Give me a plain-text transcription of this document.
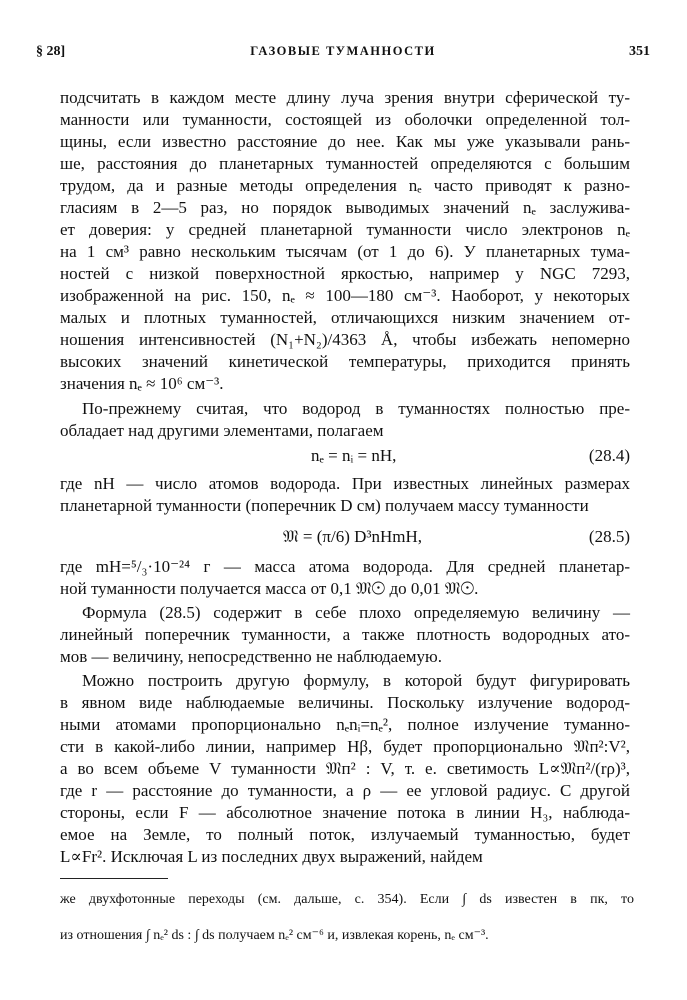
§ 28]	ГАЗОВЫЕ ТУМАННОСТИ	351
подсчитать в каждом месте длину луча зрения внутри сферической ту-
манности или туманности, состоящей из оболочки определенной тол-
щины, если известно расстояние до нее. Как мы уже указывали рань-
ше, расстояния до планетарных туманностей определяются с большим
трудом, да и разные методы определения nₑ часто приводят к разно-
гласиям в 2—5 раз, но порядок выводимых значений nₑ заслужива-
ет доверия: у средней планетарной туманности число электронов nₑ
на 1 см³ равно нескольким тысячам (от 1 до 6). У планетарных тума-
ностей с низкой поверхностной яркостью, например у NGC 7293,
изображенной на рис. 150, nₑ ≈ 100—180 см⁻³. Наоборот, у некоторых
малых и плотных туманностей, отличающихся низким значением от-
ношения интенсивностей (N₁+N₂)/4363 Å, чтобы избежать непомерно
высоких значений кинетической температуры, приходится принять
значения nₑ ≈ 10⁶ см⁻³.
По-прежнему считая, что водород в туманностях полностью пре-
обладает над другими элементами, полагаем
nₑ = nᵢ = nH,	(28.4)
где nH — число атомов водорода. При известных линейных размерах
планетарной туманности (поперечник D см) получаем массу туманности
𝔐 = (π/6) D³nHmH,	(28.5)
где mH=⁵/₃·10⁻²⁴ г — масса атома водорода. Для средней планетар-
ной туманности получается масса от 0,1 𝔐☉ до 0,01 𝔐☉.
Формула (28.5) содержит в себе плохо определяемую величину —
линейный поперечник туманности, а также плотность водородных ато-
мов — величину, непосредственно не наблюдаемую.
Можно построить другую формулу, в которой будут фигурировать
в явном виде наблюдаемые величины. Поскольку излучение водород-
ными атомами пропорционально nₑnᵢ=nₑ², полное излучение туманно-
сти в какой-либо линии, например Hβ, будет пропорционально 𝔐п²:V²,
а во всем объеме V туманности 𝔐п² : V, т. е. светимость L∝𝔐п²/(rρ)³,
где r — расстояние до туманности, а ρ — ее угловой радиус. С другой
стороны, если F — абсолютное значение потока в линии H₃, наблюда-
емое на Земле, то полный поток, излучаемый туманностью, будет
L∝Fr². Исключая L из последних двух выражений, найдем
же двухфотонные переходы (см. дальше, с. 354). Если ∫ ds известен в пк, то
из отношения ∫ nₑ² ds : ∫ ds получаем nₑ² см⁻⁶ и, извлекая корень, nₑ см⁻³.
